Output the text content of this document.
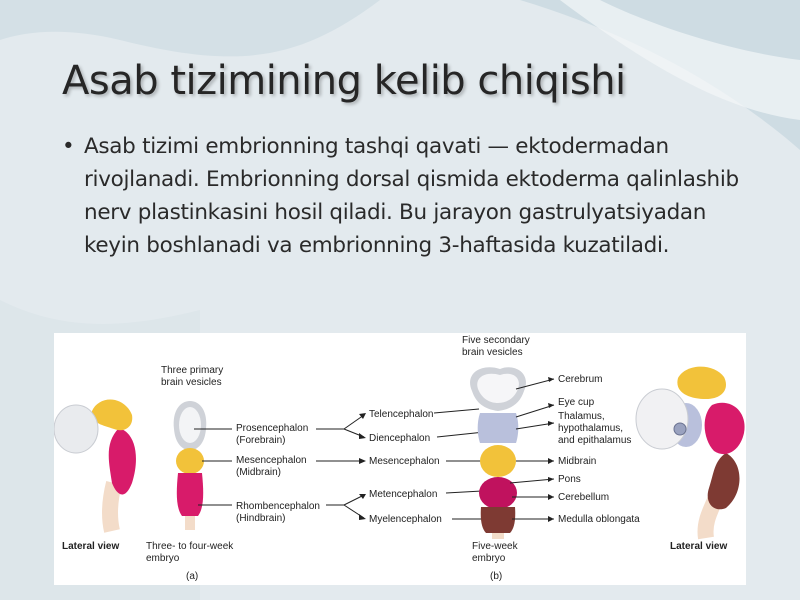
Asab tizimining kelib chiqishi
• Asab tizimi embrionning tashqi qavati — ektodermadan rivojlanadi. Embrionning dorsal qismida ektoderma qalinlashib nerv plastinkasini hosil qiladi. Bu jarayon gastrulyatsiyadan keyin boshlanadi va embrionning 3-haftasida kuzatiladi.
Three primary
brain vesicles
Prosencephalon
(Forebrain)
Mesencephalon
(Midbrain)
Rhombencephalon
(Hindbrain)
Telencephalon
Diencephalon
Mesencephalon
Metencephalon
Myelencephalon
Five secondary
brain vesicles
Cerebrum
Eye cup
Thalamus,
hypothalamus,
and epithalamus
Midbrain
Pons
Cerebellum
Medulla oblongata
Lateral view	Three- to four-week
embryo
(a)
Five-week
embryo
(b)
Lateral view
